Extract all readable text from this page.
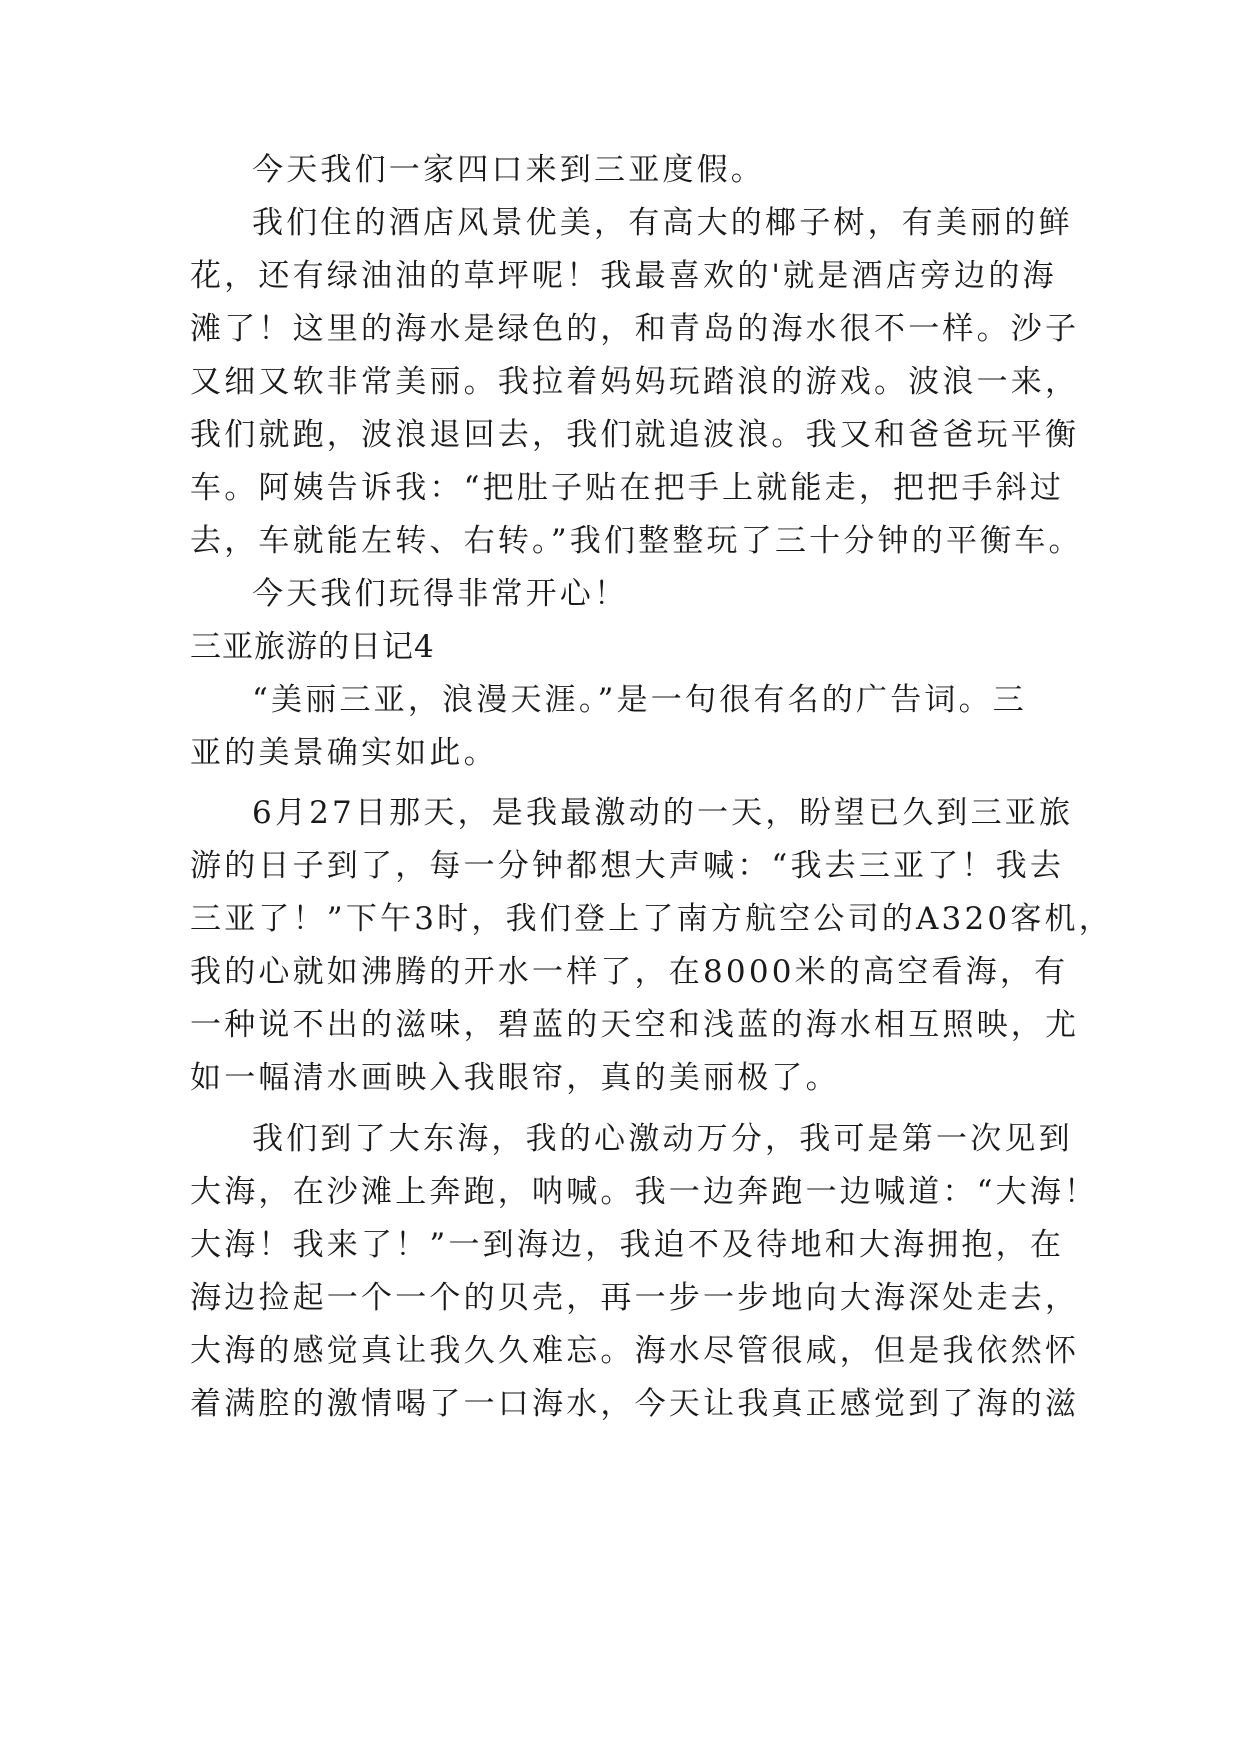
今天我们一家四口来到三亚度假。
我们住的酒店风景优美，有高大的椰子树，有美丽的鲜
花，还有绿油油的草坪呢！我最喜欢的'就是酒店旁边的海
滩了！这里的海水是绿色的，和青岛的海水很不一样。沙子
又细又软非常美丽。我拉着妈妈玩踏浪的游戏。波浪一来，
我们就跑，波浪退回去，我们就追波浪。我又和爸爸玩平衡
车。阿姨告诉我：“把肚子贴在把手上就能走，把把手斜过
去，车就能左转、右转。”我们整整玩了三十分钟的平衡车。
今天我们玩得非常开心！
三亚旅游的日记4
“美丽三亚，浪漫天涯。”是一句很有名的广告词。三
亚的美景确实如此。
6月27日那天，是我最激动的一天，盼望已久到三亚旅
游的日子到了，每一分钟都想大声喊：“我去三亚了！我去
三亚了！”下午3时，我们登上了南方航空公司的A320客机，
我的心就如沸腾的开水一样了，在8000米的高空看海，有
一种说不出的滋味，碧蓝的天空和浅蓝的海水相互照映，尤
如一幅清水画映入我眼帘，真的美丽极了。
我们到了大东海，我的心激动万分，我可是第一次见到
大海，在沙滩上奔跑，呐喊。我一边奔跑一边喊道：“大海！
大海！我来了！”一到海边，我迫不及待地和大海拥抱，在
海边捡起一个一个的贝壳，再一步一步地向大海深处走去，
大海的感觉真让我久久难忘。海水尽管很咸，但是我依然怀
着满腔的激情喝了一口海水，今天让我真正感觉到了海的滋
